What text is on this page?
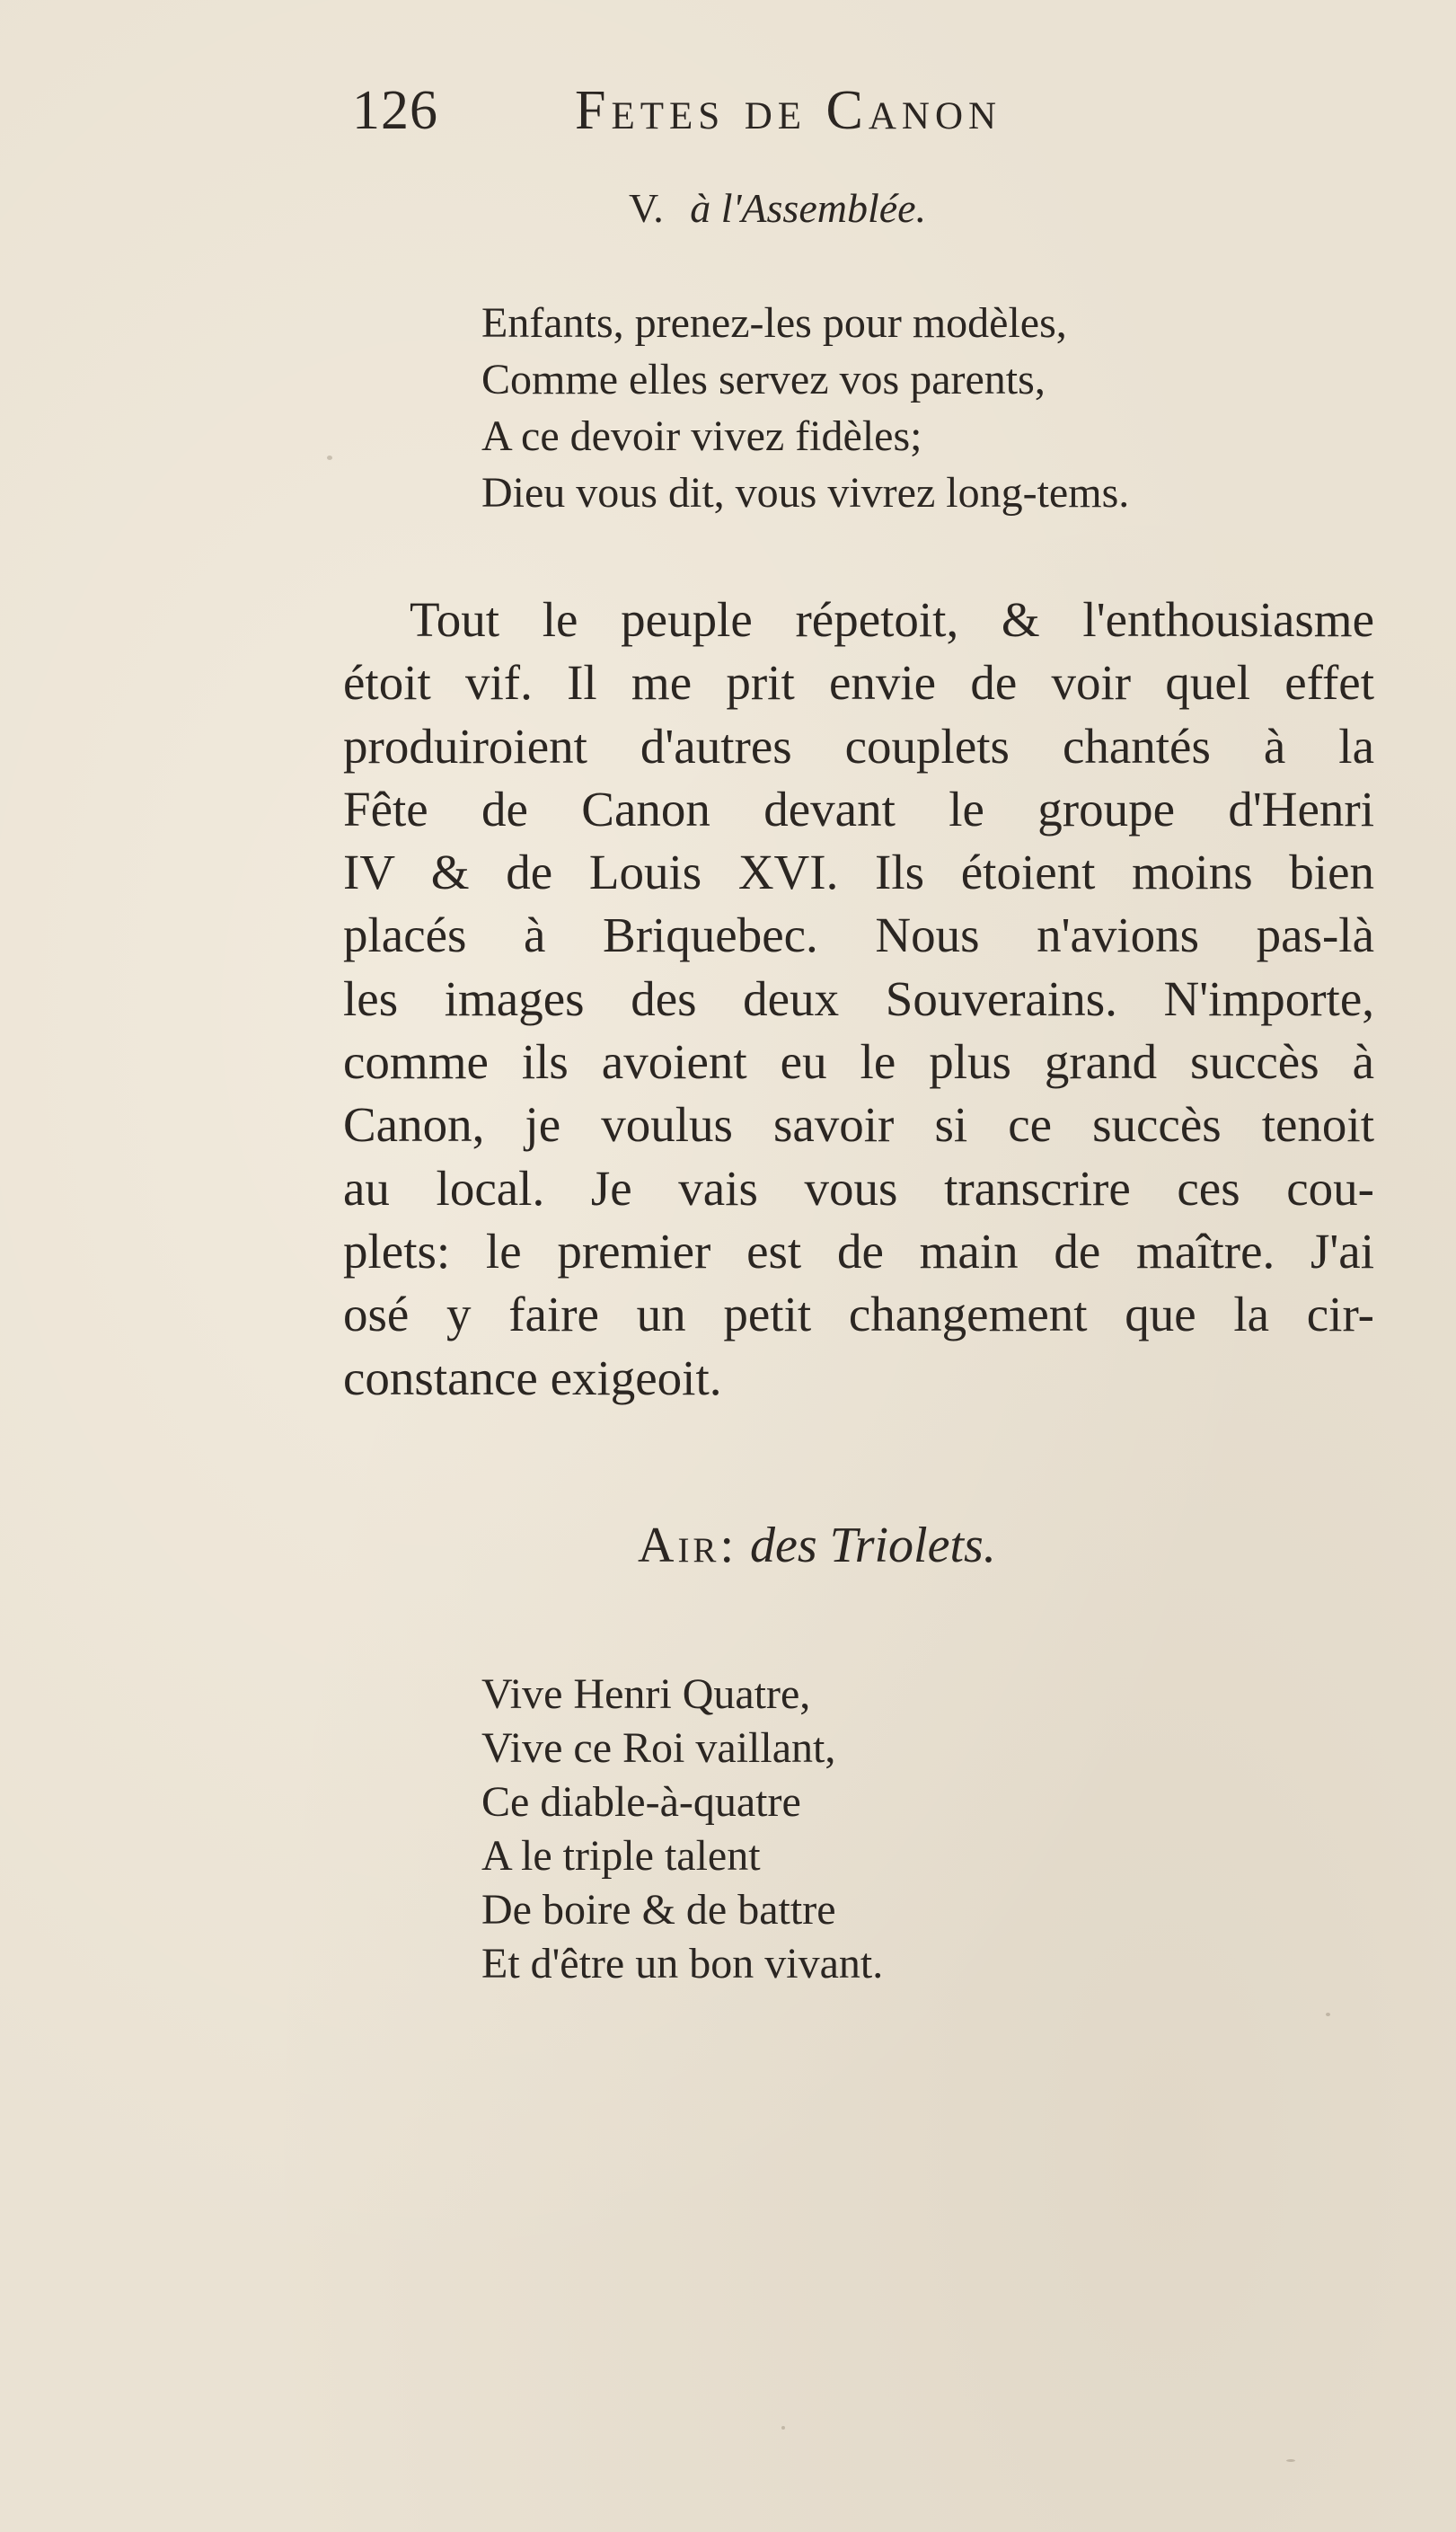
126 Fetes de Canon
V. à l'Assemblée.
Enfants, prenez-les pour modèles,
Comme elles servez vos parents,
A ce devoir vivez fidèles;
Dieu vous dit, vous vivrez long-tems.
Tout le peuple répetoit, & l'enthousiasme
étoit vif. Il me prit envie de voir quel effet
produiroient d'autres couplets chantés à la
Fête de Canon devant le groupe d'Henri
IV & de Louis XVI. Ils étoient moins bien
placés à Briquebec. Nous n'avions pas-là
les images des deux Souverains. N'importe,
comme ils avoient eu le plus grand succès à
Canon, je voulus savoir si ce succès tenoit
au local. Je vais vous transcrire ces cou-
plets: le premier est de main de maître. J'ai
osé y faire un petit changement que la cir-
constance exigeoit.
Air: des Triolets.
Vive Henri Quatre,
Vive ce Roi vaillant,
Ce diable-à-quatre
A le triple talent
De boire & de battre
Et d'être un bon vivant.
